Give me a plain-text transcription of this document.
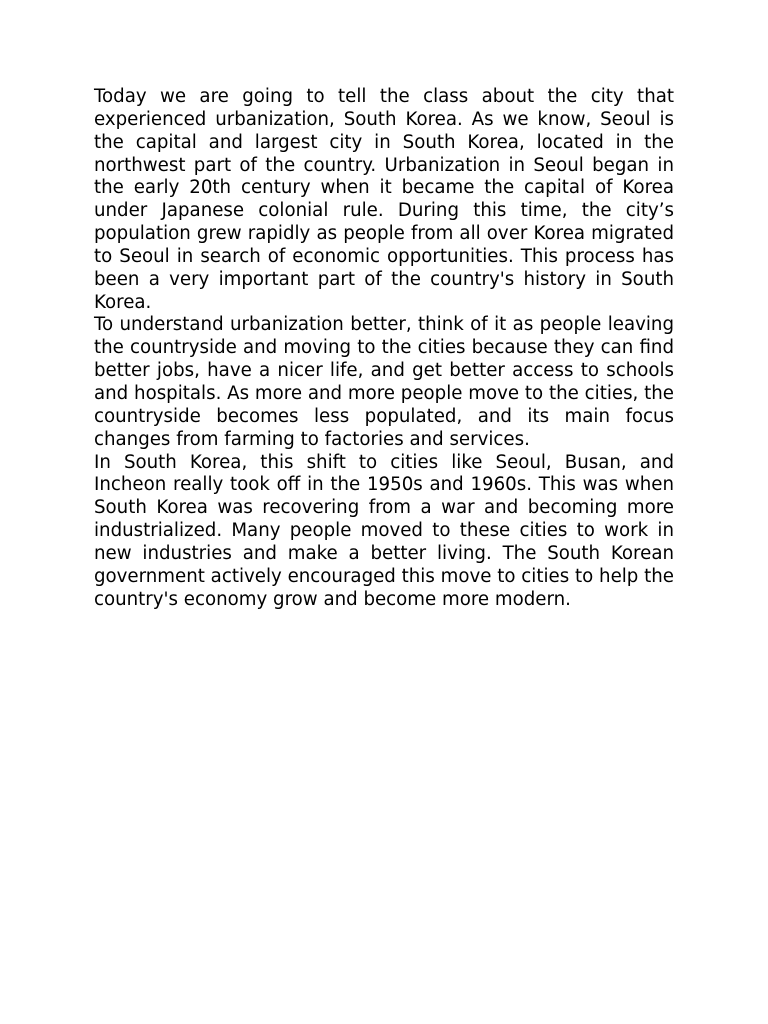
Today we are going to tell the class about the city that experienced urbanization, South Korea. As we know, Seoul is the capital and largest city in South Korea, located in the northwest part of the country. Urbanization in Seoul began in the early 20th century when it became the capital of Korea under Japanese colonial rule. During this time, the city’s population grew rapidly as people from all over Korea migrated to Seoul in search of economic opportunities. This process has been a very important part of the country's history in South Korea.

To understand urbanization better, think of it as people leaving the countryside and moving to the cities because they can find better jobs, have a nicer life, and get better access to schools and hospitals. As more and more people move to the cities, the countryside becomes less populated, and its main focus changes from farming to factories and services.

In South Korea, this shift to cities like Seoul, Busan, and Incheon really took off in the 1950s and 1960s. This was when South Korea was recovering from a war and becoming more industrialized. Many people moved to these cities to work in new industries and make a better living. The South Korean government actively encouraged this move to cities to help the country's economy grow and become more modern.
